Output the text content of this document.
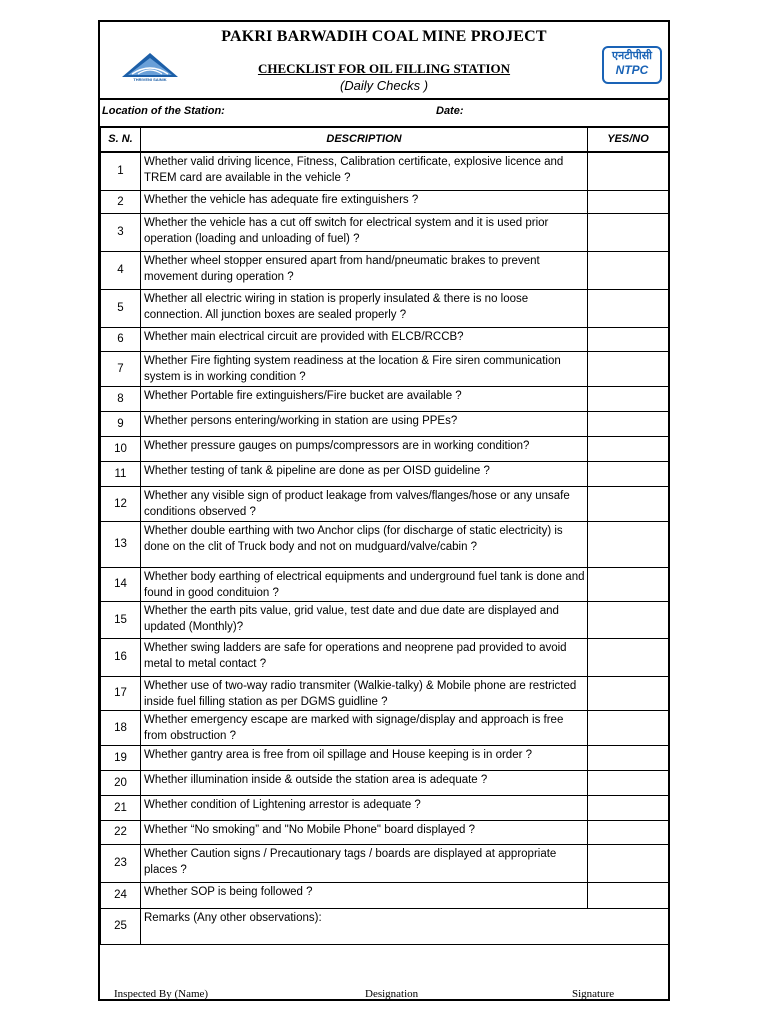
THRIVENI SAINIK
PAKRI BARWADIH COAL MINE PROJECT
CHECKLIST FOR OIL FILLING STATION
(Daily Checks )
एनटीपीसी
NTPC
Location of the Station:	Date:
S. N.	DESCRIPTION	YES/NO
1	Whether valid driving licence, Fitness, Calibration certificate, explosive licence and TREM card are available in the vehicle ?	
2	Whether the vehicle has adequate fire extinguishers ?	
3	Whether the vehicle has a cut off switch for electrical system and it is used prior operation (loading and unloading of fuel) ?	
4	Whether wheel stopper ensured apart from hand/pneumatic brakes to prevent movement during operation ?	
5	Whether all electric wiring in station is properly insulated & there is no loose connection. All junction boxes are sealed properly ?	
6	Whether main electrical circuit are provided with ELCB/RCCB?	
7	Whether Fire fighting system readiness at the location & Fire siren communication system is in working condition ?	
8	Whether Portable fire extinguishers/Fire bucket are available ?	
9	Whether persons entering/working in station are using PPEs?	
10	Whether pressure gauges on pumps/compressors are in working condition?	
11	Whether testing of tank & pipeline are done as per OISD guideline ?	
12	Whether any visible sign of product leakage from valves/flanges/hose or any unsafe conditions observed ?	
13	Whether double earthing with two Anchor clips (for discharge of static electricity) is done on the clit of Truck body and not on mudguard/valve/cabin ?	
14	Whether body earthing of electrical equipments and underground fuel tank is done and found in good condituion ?	
15	Whether the earth pits value, grid value, test date and due date are displayed and updated (Monthly)?	
16	Whether swing ladders are safe for operations and neoprene pad provided to avoid metal to metal contact ?	
17	Whether use of two-way radio transmiter (Walkie-talky) & Mobile phone are restricted inside fuel filling station as per DGMS guidline ?	
18	Whether emergency escape are marked with signage/display and approach is free from obstruction ?	
19	Whether gantry area is free from oil spillage and House keeping is in order ?	
20	Whether illumination inside & outside the station area is adequate ?	
21	Whether condition of Lightening arrestor is adequate ?	
22	Whether “No smoking” and "No Mobile Phone" board displayed ?	
23	Whether Caution signs / Precautionary tags / boards are displayed at appropriate places ?	
24	Whether SOP is being followed ?	
25	Remarks (Any other observations):	
Inspected By (Name)	Designation	Signature
